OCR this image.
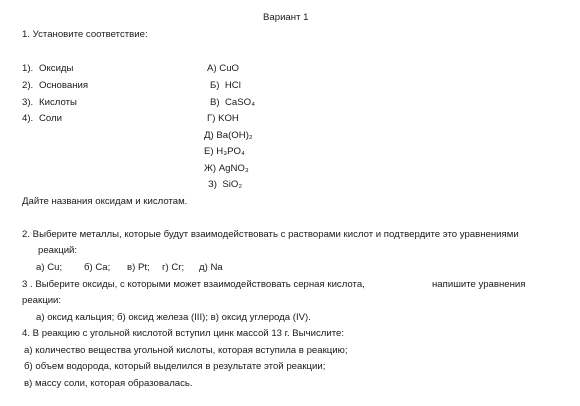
Вариант 1
1. Установите соответствие:
1). Оксиды
2). Основания
3). Кислоты
4). Соли
А) CuO
Б) HCl
В) CaSO₄
Г) KOH
Д) Ba(OH)₂
Е) H₃PO₄
Ж) AgNO₃
З) SiO₂
Дайте названия оксидам и кислотам.
2. Выберите металлы, которые будут взаимодействовать с растворами кислот и подтвердите это уравнениями
реакций:
а) Cu; б) Ca; в) Pt; г) Cr; д) Na
3 . Выберите оксиды, с которыми может взаимодействовать серная кислота,	напишите уравнения
реакции:
а) оксид кальция; б) оксид железа (III); в) оксид углерода (IV).
4. В реакцию с угольной кислотой вступил цинк массой 13 г. Вычислите:
а) количество вещества угольной кислоты, которая вступила в реакцию;
б) объем водорода, который выделился в результате этой реакции;
в) массу соли, которая образовалась.
